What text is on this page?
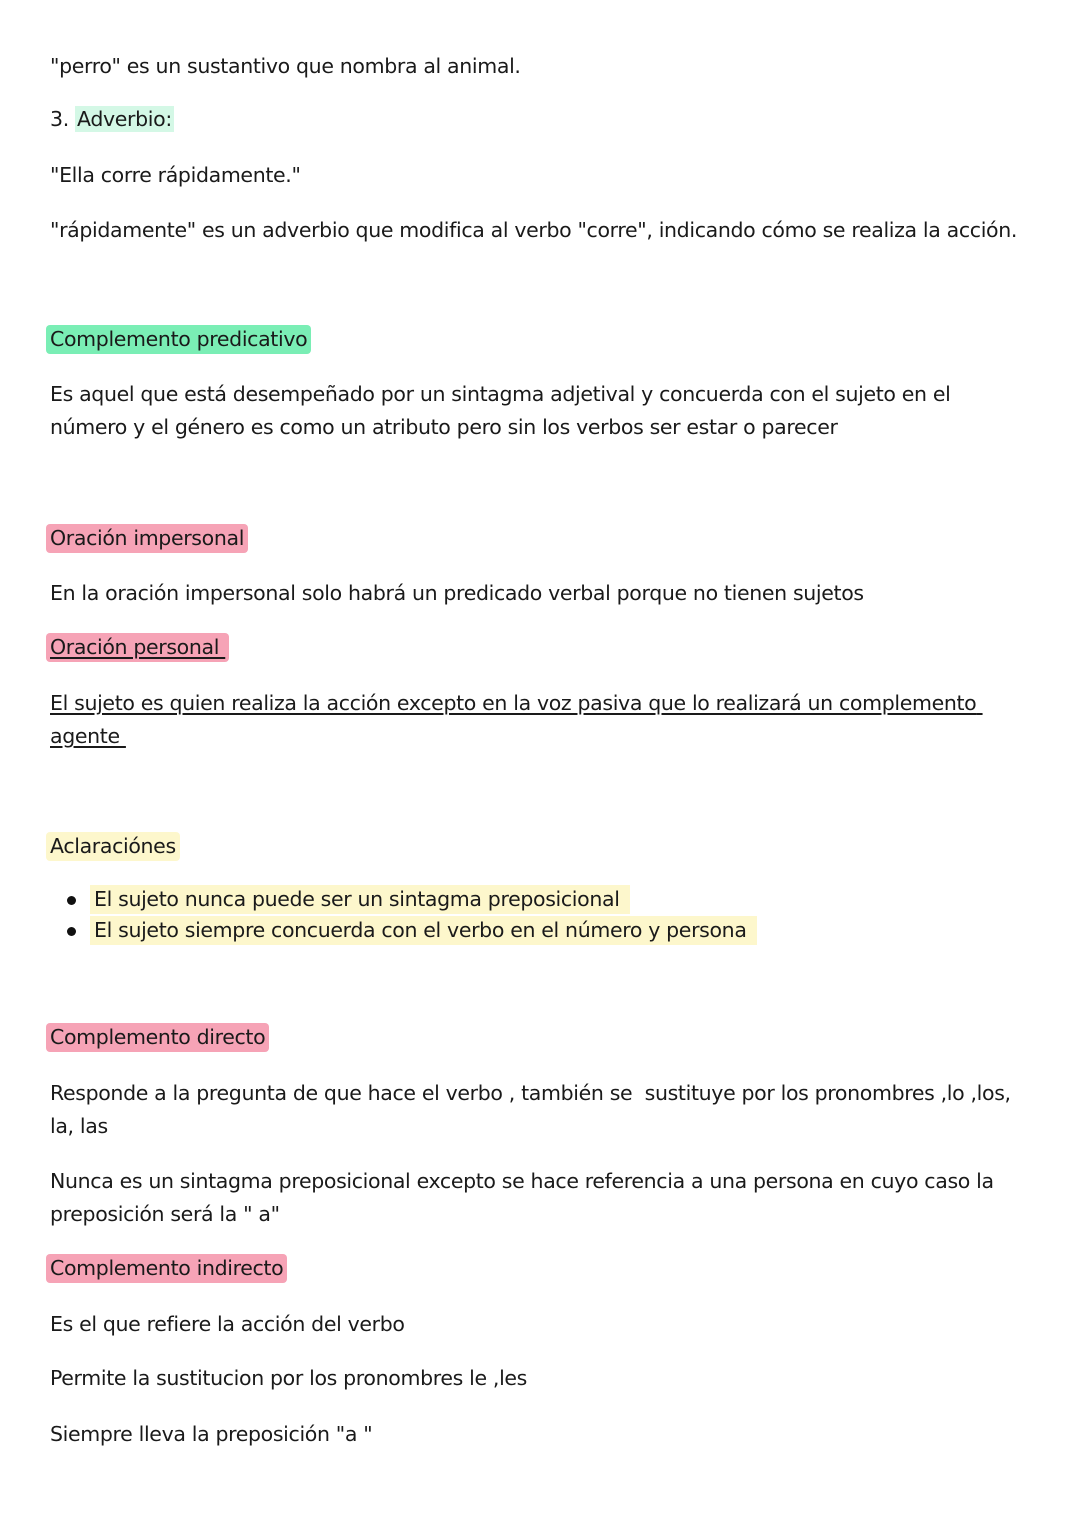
"perro" es un sustantivo que nombra al animal.
3. Adverbio:
"Ella corre rápidamente."
"rápidamente" es un adverbio que modifica al verbo "corre", indicando cómo se realiza la acción.
Complemento predicativo
Es aquel que está desempeñado por un sintagma adjetival y concuerda con el sujeto en el número y el género es como un atributo pero sin los verbos ser estar o parecer
Oración impersonal
En la oración impersonal solo habrá un predicado verbal porque no tienen sujetos
Oración personal
El sujeto es quien realiza la acción excepto en la voz pasiva que lo realizará un complemento agente
Aclaraciónes
El sujeto nunca puede ser un sintagma preposicional
El sujeto siempre concuerda con el verbo en el número y persona
Complemento directo
Responde a la pregunta de que hace el verbo , también se  sustituye por los pronombres ,lo ,los, la, las
Nunca es un sintagma preposicional excepto se hace referencia a una persona en cuyo caso la preposición será la " a"
Complemento indirecto
Es el que refiere la acción del verbo
Permite la sustitucion por los pronombres le ,les
Siempre lleva la preposición "a "
